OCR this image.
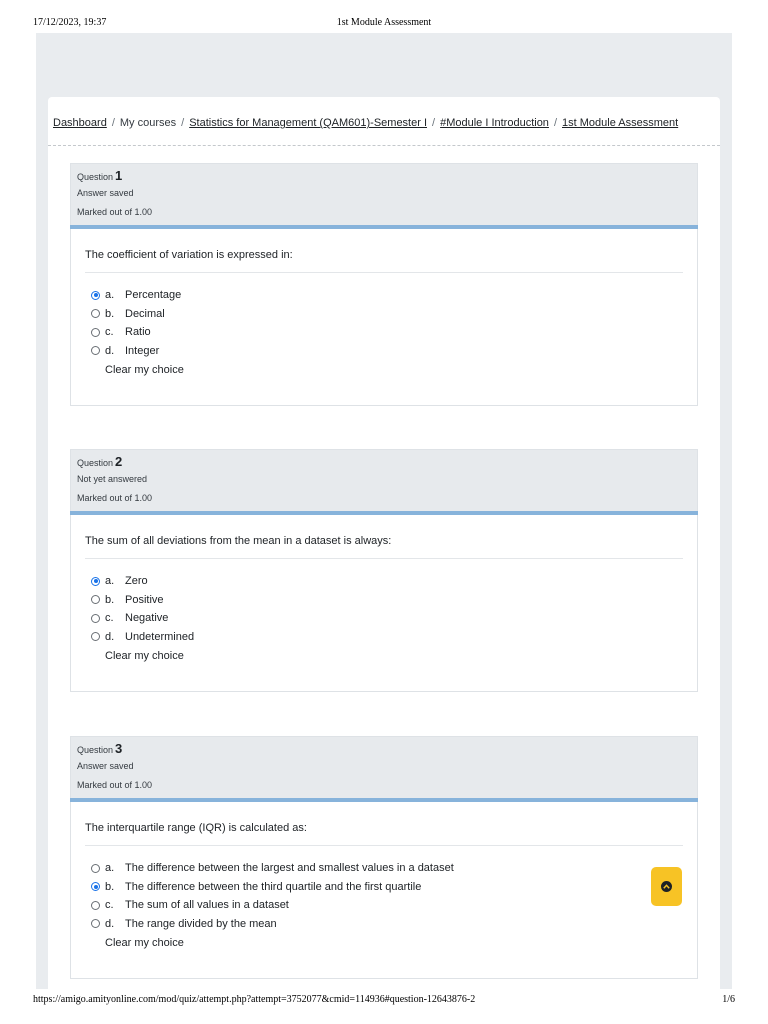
17/12/2023, 19:37	1st Module Assessment
Dashboard / My courses / Statistics for Management (QAM601)-Semester I / #Module I Introduction / 1st Module Assessment
Question 1
Answer saved
Marked out of 1.00
The coefficient of variation is expressed in:
a. Percentage
b. Decimal
c.	Ratio
d. Integer
Clear my choice
Question 2
Not yet answered
Marked out of 1.00
The sum of all deviations from the mean in a dataset is always:
a. Zero
b. Positive
c.	Negative
d. Undetermined
Clear my choice
Question 3
Answer saved
Marked out of 1.00
The interquartile range (IQR) is calculated as:
a. The difference between the largest and smallest values in a dataset
b. The difference between the third quartile and the first quartile
c.	The sum of all values in a dataset
d. The range divided by the mean
Clear my choice
https://amigo.amityonline.com/mod/quiz/attempt.php?attempt=3752077&cmid=114936#question-12643876-2	1/6
